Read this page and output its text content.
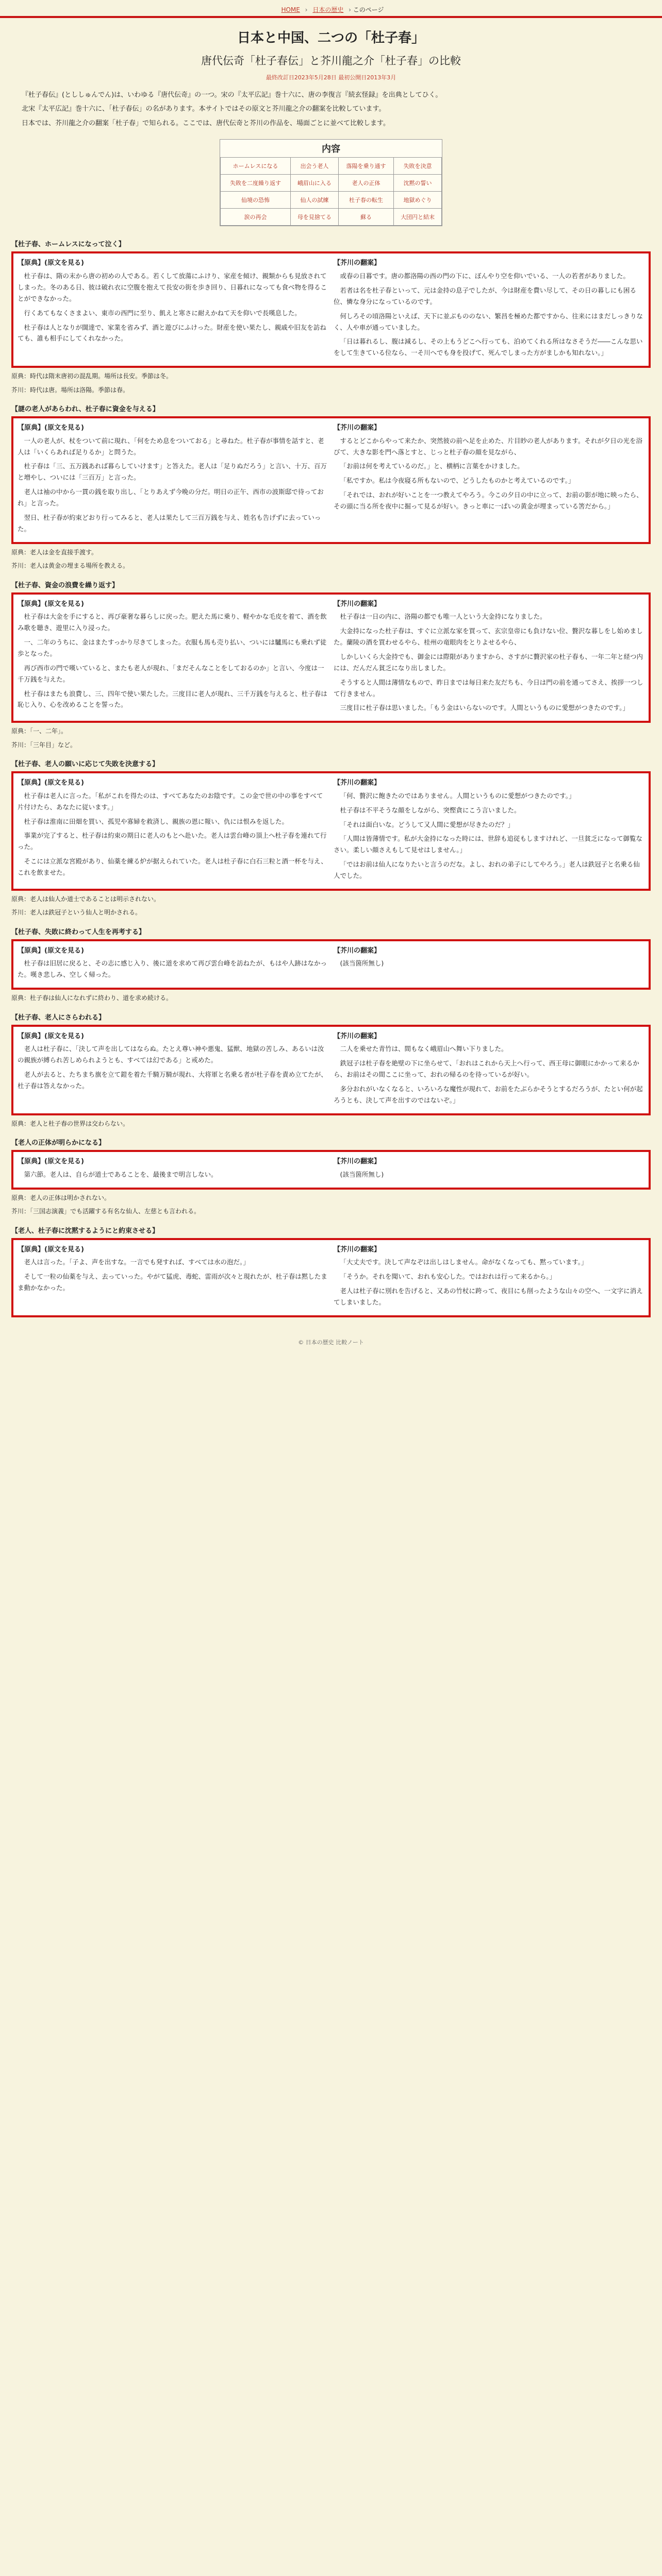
HOME › 日本の歴史 › このページ
日本と中国、二つの「杜子春」
唐代伝奇「杜子春伝」と芥川龍之介「杜子春」の比較
最終改訂日2023年5月28日 最初公開日2013年3月

『杜子春伝』(とししゅんでん)は、いわゆる『唐代伝奇』の一つ。宋の『太平広記』巻十六に、唐の李復言『続玄怪録』を出典としてひく。

北宋『太平広記』巻十六に、「杜子春伝」の名があります。本サイトではその原文と芥川龍之介の翻案を比較しています。

日本では、芥川龍之介の翻案「杜子春」で知られる。ここでは、唐代伝奇と芥川の作品を、場面ごとに並べて比較します。

内容
ホームレスになる	出会う老人	落陽を乗り通す	失敗を決意
失敗を二度繰り返す	峨眉山に入る	老人の正体	沈黙の誓い
仙境の恐怖	仙人の試練	杜子春の転生	地獄めぐり
涙の再会	母を見捨てる	蘇る	大団円と結末
【杜子春、ホームレスになって泣く】
【原典】(原文を見る)

杜子春は、隋の末から唐の初めの人である。若くして放蕩にふけり、家産を傾け、親類からも見放されてしまった。冬のある日、彼は破れ衣に空腹を抱えて長安の街を歩き回り、日暮れになっても食べ物を得ることができなかった。

行くあてもなくさまよい、東市の西門に至り、飢えと寒さに耐えかねて天を仰いで長嘆息した。

杜子春は人となりが闊達で、家業を省みず、酒と遊びにふけった。財産を使い果たし、親戚や旧友を訪ねても、誰も相手にしてくれなかった。

【芥川の翻案】

或春の日暮です。唐の都洛陽の西の門の下に、ぼんやり空を仰いでいる、一人の若者がありました。

若者は名を杜子春といって、元は金持の息子でしたが、今は財産を費い尽して、その日の暮しにも困る位、憐な身分になっているのです。

何しろその頃洛陽といえば、天下に並ぶもののない、繁昌を極めた都ですから、往来にはまだしっきりなく、人や車が通っていました。

「日は暮れるし、腹は減るし、その上もうどこへ行っても、泊めてくれる所はなさそうだ――こんな思いをして生きている位なら、一そ川へでも身を投げて、死んでしまった方がましかも知れない。」

原典：時代は隋末唐初の混乱期。場所は長安。季節は冬。
芥川：時代は唐。場所は洛陽。季節は春。
【謎の老人があらわれ、杜子春に資金を与える】
【原典】(原文を見る)

一人の老人が、杖をついて前に現れ、「何をため息をついておる」と尋ねた。杜子春が事情を話すと、老人は「いくらあれば足りるか」と問うた。

杜子春は「三、五万銭あれば暮らしていけます」と答えた。老人は「足りぬだろう」と言い、十万、百万と増やし、ついには「三百万」と言った。

老人は袖の中から一貫の銭を取り出し、「とりあえず今晩の分だ。明日の正午、西市の波斯邸で待っておれ」と言った。

翌日、杜子春が約束どおり行ってみると、老人は果たして三百万銭を与え、姓名も告げずに去っていった。

【芥川の翻案】

するとどこからやって来たか、突然彼の前へ足を止めた、片目眇の老人があります。それが夕日の光を浴びて、大きな影を門へ落とすと、じっと杜子春の顔を見ながら、

「お前は何を考えているのだ。」と、横柄に言葉をかけました。

「私ですか。私は今夜寝る所もないので、どうしたものかと考えているのです。」

「それでは、おれが好いことを一つ教えてやろう。今この夕日の中に立って、お前の影が地に映ったら、その頭に当る所を夜中に掘って見るが好い。きっと車に一ぱいの黄金が埋まっている筈だから。」

原典：老人は金を直接手渡す。
芥川：老人は黄金の埋まる場所を教える。
【杜子春、資金の浪費を繰り返す】
【原典】(原文を見る)

杜子春は大金を手にすると、再び豪奢な暮らしに戻った。肥えた馬に乗り、軽やかな毛皮を着て、酒を飲み歌を聴き、遊里に入り浸った。

一、二年のうちに、金はまたすっかり尽きてしまった。衣服も馬も売り払い、ついには驢馬にも乗れず徒歩となった。

再び西市の門で嘆いていると、またも老人が現れ、「まだそんなことをしておるのか」と言い、今度は一千万銭を与えた。

杜子春はまたも浪費し、三、四年で使い果たした。三度目に老人が現れ、三千万銭を与えると、杜子春は恥じ入り、心を改めることを誓った。

【芥川の翻案】

杜子春は一日の内に、洛陽の都でも唯一人という大金持になりました。

大金持になった杜子春は、すぐに立派な家を買って、玄宗皇帝にも負けない位、贅沢な暮しをし始めました。蘭陵の酒を買わせるやら、桂州の竜眼肉をとりよせるやら、

しかしいくら大金持でも、御金には際限がありますから、さすがに贅沢家の杜子春も、一年二年と経つ内には、だんだん貧乏になり出しました。

そうすると人間は薄情なもので、昨日までは毎日来た友だちも、今日は門の前を通ってさえ、挨拶一つして行きません。

三度目に杜子春は思いました。「もう金はいらないのです。人間というものに愛想がつきたのです。」

原典：「一、二年」。
芥川：「三年目」など。
【杜子春、老人の願いに応じて失敗を決意する】
【原典】(原文を見る)

杜子春は老人に言った。「私がこれを得たのは、すべてあなたのお陰です。この金で世の中の事をすべて片付けたら、あなたに従います。」

杜子春は淮南に田畑を買い、孤児や寡婦を救済し、親族の恩に報い、仇には恨みを返した。

事業が完了すると、杜子春は約束の期日に老人のもとへ赴いた。老人は雲台峰の頂上へ杜子春を連れて行った。

そこには立派な宮殿があり、仙薬を練る炉が据えられていた。老人は杜子春に白石三粒と酒一杯を与え、これを飲ませた。

【芥川の翻案】

「何、贅沢に飽きたのではありません。人間というものに愛想がつきたのです。」

杜子春は不平そうな顔をしながら、突慳貪にこう言いました。

「それは面白いな。どうして又人間に愛想が尽きたのだ？」

「人間は皆薄情です。私が大金持になった時には、世辞も追従もしますけれど、一旦貧乏になって御覧なさい。柔しい顔さえもして見せはしません。」

「ではお前は仙人になりたいと言うのだな。よし、おれの弟子にしてやろう。」老人は鉄冠子と名乗る仙人でした。

原典：老人は仙人か道士であることは明示されない。
芥川：老人は鉄冠子という仙人と明かされる。
【杜子春、失敗に終わって人生を再考する】
【原典】(原文を見る)

杜子春は旧居に戻ると、その志に感じ入り、後に道を求めて再び雲台峰を訪ねたが、もはや人跡はなかった。嘆き悲しみ、空しく帰った。

【芥川の翻案】

(該当箇所無し)

原典：杜子春は仙人になれずに終わり、道を求め続ける。
【杜子春、老人にさらわれる】
【原典】(原文を見る)

老人は杜子春に、「決して声を出してはならぬ。たとえ尊い神や悪鬼、猛獣、地獄の苦しみ、あるいは汝の親族が縛られ苦しめられようとも、すべては幻である」と戒めた。

老人が去ると、たちまち旗を立て鎧を着た千騎万騎が現れ、大将軍と名乗る者が杜子春を責め立てたが、杜子春は答えなかった。

【芥川の翻案】

二人を乗せた青竹は、間もなく峨眉山へ舞い下りました。

鉄冠子は杜子春を絶壁の下に坐らせて、「おれはこれから天上へ行って、西王母に御眼にかかって来るから、お前はその間ここに坐って、おれの帰るのを待っているが好い。

多分おれがいなくなると、いろいろな魔性が現れて、お前をたぶらかそうとするだろうが、たとい何が起ろうとも、決して声を出すのではないぞ。」

原典：老人と杜子春の世界は交わらない。
【老人の正体が明らかになる】
【原典】(原文を見る)

第六節。老人は、自らが道士であることを、最後まで明言しない。

【芥川の翻案】

(該当箇所無し)

原典：老人の正体は明かされない。
芥川：「三国志演義」でも活躍する有名な仙人、左慈とも言われる。
【老人、杜子春に沈黙するようにと約束させる】
【原典】(原文を見る)

老人は言った。「子よ、声を出すな。一言でも発すれば、すべては水の泡だ。」

そして一粒の仙薬を与え、去っていった。やがて猛虎、毒蛇、雷雨が次々と現れたが、杜子春は黙したまま動かなかった。

【芥川の翻案】

「大丈夫です。決して声なぞは出しはしません。命がなくなっても、黙っています。」

「そうか。それを聞いて、おれも安心した。ではおれは行って来るから。」

老人は杜子春に別れを告げると、又あの竹杖に跨って、夜目にも削ったような山々の空へ、一文字に消えてしまいました。

© 日本の歴史 比較ノート
